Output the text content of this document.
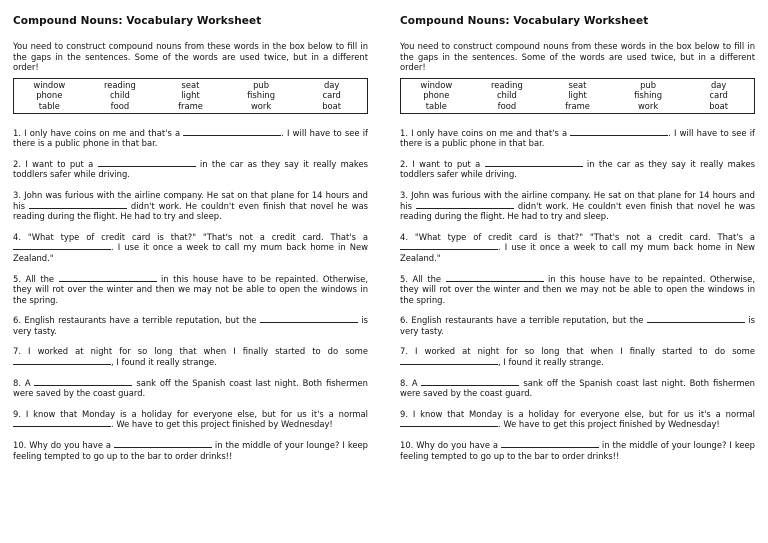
Compound Nouns: Vocabulary Worksheet
You need to construct compound nouns from these words in the box below to fill in the gaps in the sentences. Some of the words are used twice, but in a different order!
window	reading	seat	pub	day
phone	child	light	fishing	card
table	food	frame	work	boat

1. I only have coins on me and that's a	. I will have to see if there is a public phone in that bar.

2. I want to put a	in the car as they say it really makes toddlers safer while driving.

3. John was furious with the airline company. He sat on that plane for 14 hours and his	didn't work. He couldn't even finish that novel he was reading during the flight. He had to try and sleep.

4. "What type of credit card is that?" "That's not a credit card. That's a . I use it once a week to call my mum back home in New Zealand."

5. All the	in this house have to be repainted. Otherwise, they will rot over the winter and then we may not be able to open the windows in the spring.

6. English restaurants have a terrible reputation, but the	is very tasty.

7. I worked at night for so long that when I finally started to do some , I found it really strange.

8. A	sank off the Spanish coast last night. Both fishermen were saved by the coast guard.

9. I know that Monday is a holiday for everyone else, but for us it's a normal . We have to get this project finished by Wednesday!

10. Why do you have a	in the middle of your lounge? I keep feeling tempted to go up to the bar to order drinks!!

Compound Nouns: Vocabulary Worksheet
You need to construct compound nouns from these words in the box below to fill in the gaps in the sentences. Some of the words are used twice, but in a different order!
window	reading	seat	pub	day
phone	child	light	fishing	card
table	food	frame	work	boat

1. I only have coins on me and that's a	. I will have to see if there is a public phone in that bar.

2. I want to put a	in the car as they say it really makes toddlers safer while driving.

3. John was furious with the airline company. He sat on that plane for 14 hours and his	didn't work. He couldn't even finish that novel he was reading during the flight. He had to try and sleep.

4. "What type of credit card is that?" "That's not a credit card. That's a . I use it once a week to call my mum back home in New Zealand."

5. All the	in this house have to be repainted. Otherwise, they will rot over the winter and then we may not be able to open the windows in the spring.

6. English restaurants have a terrible reputation, but the	is very tasty.

7. I worked at night for so long that when I finally started to do some , I found it really strange.

8. A	sank off the Spanish coast last night. Both fishermen were saved by the coast guard.

9. I know that Monday is a holiday for everyone else, but for us it's a normal . We have to get this project finished by Wednesday!

10. Why do you have a	in the middle of your lounge? I keep feeling tempted to go up to the bar to order drinks!!
